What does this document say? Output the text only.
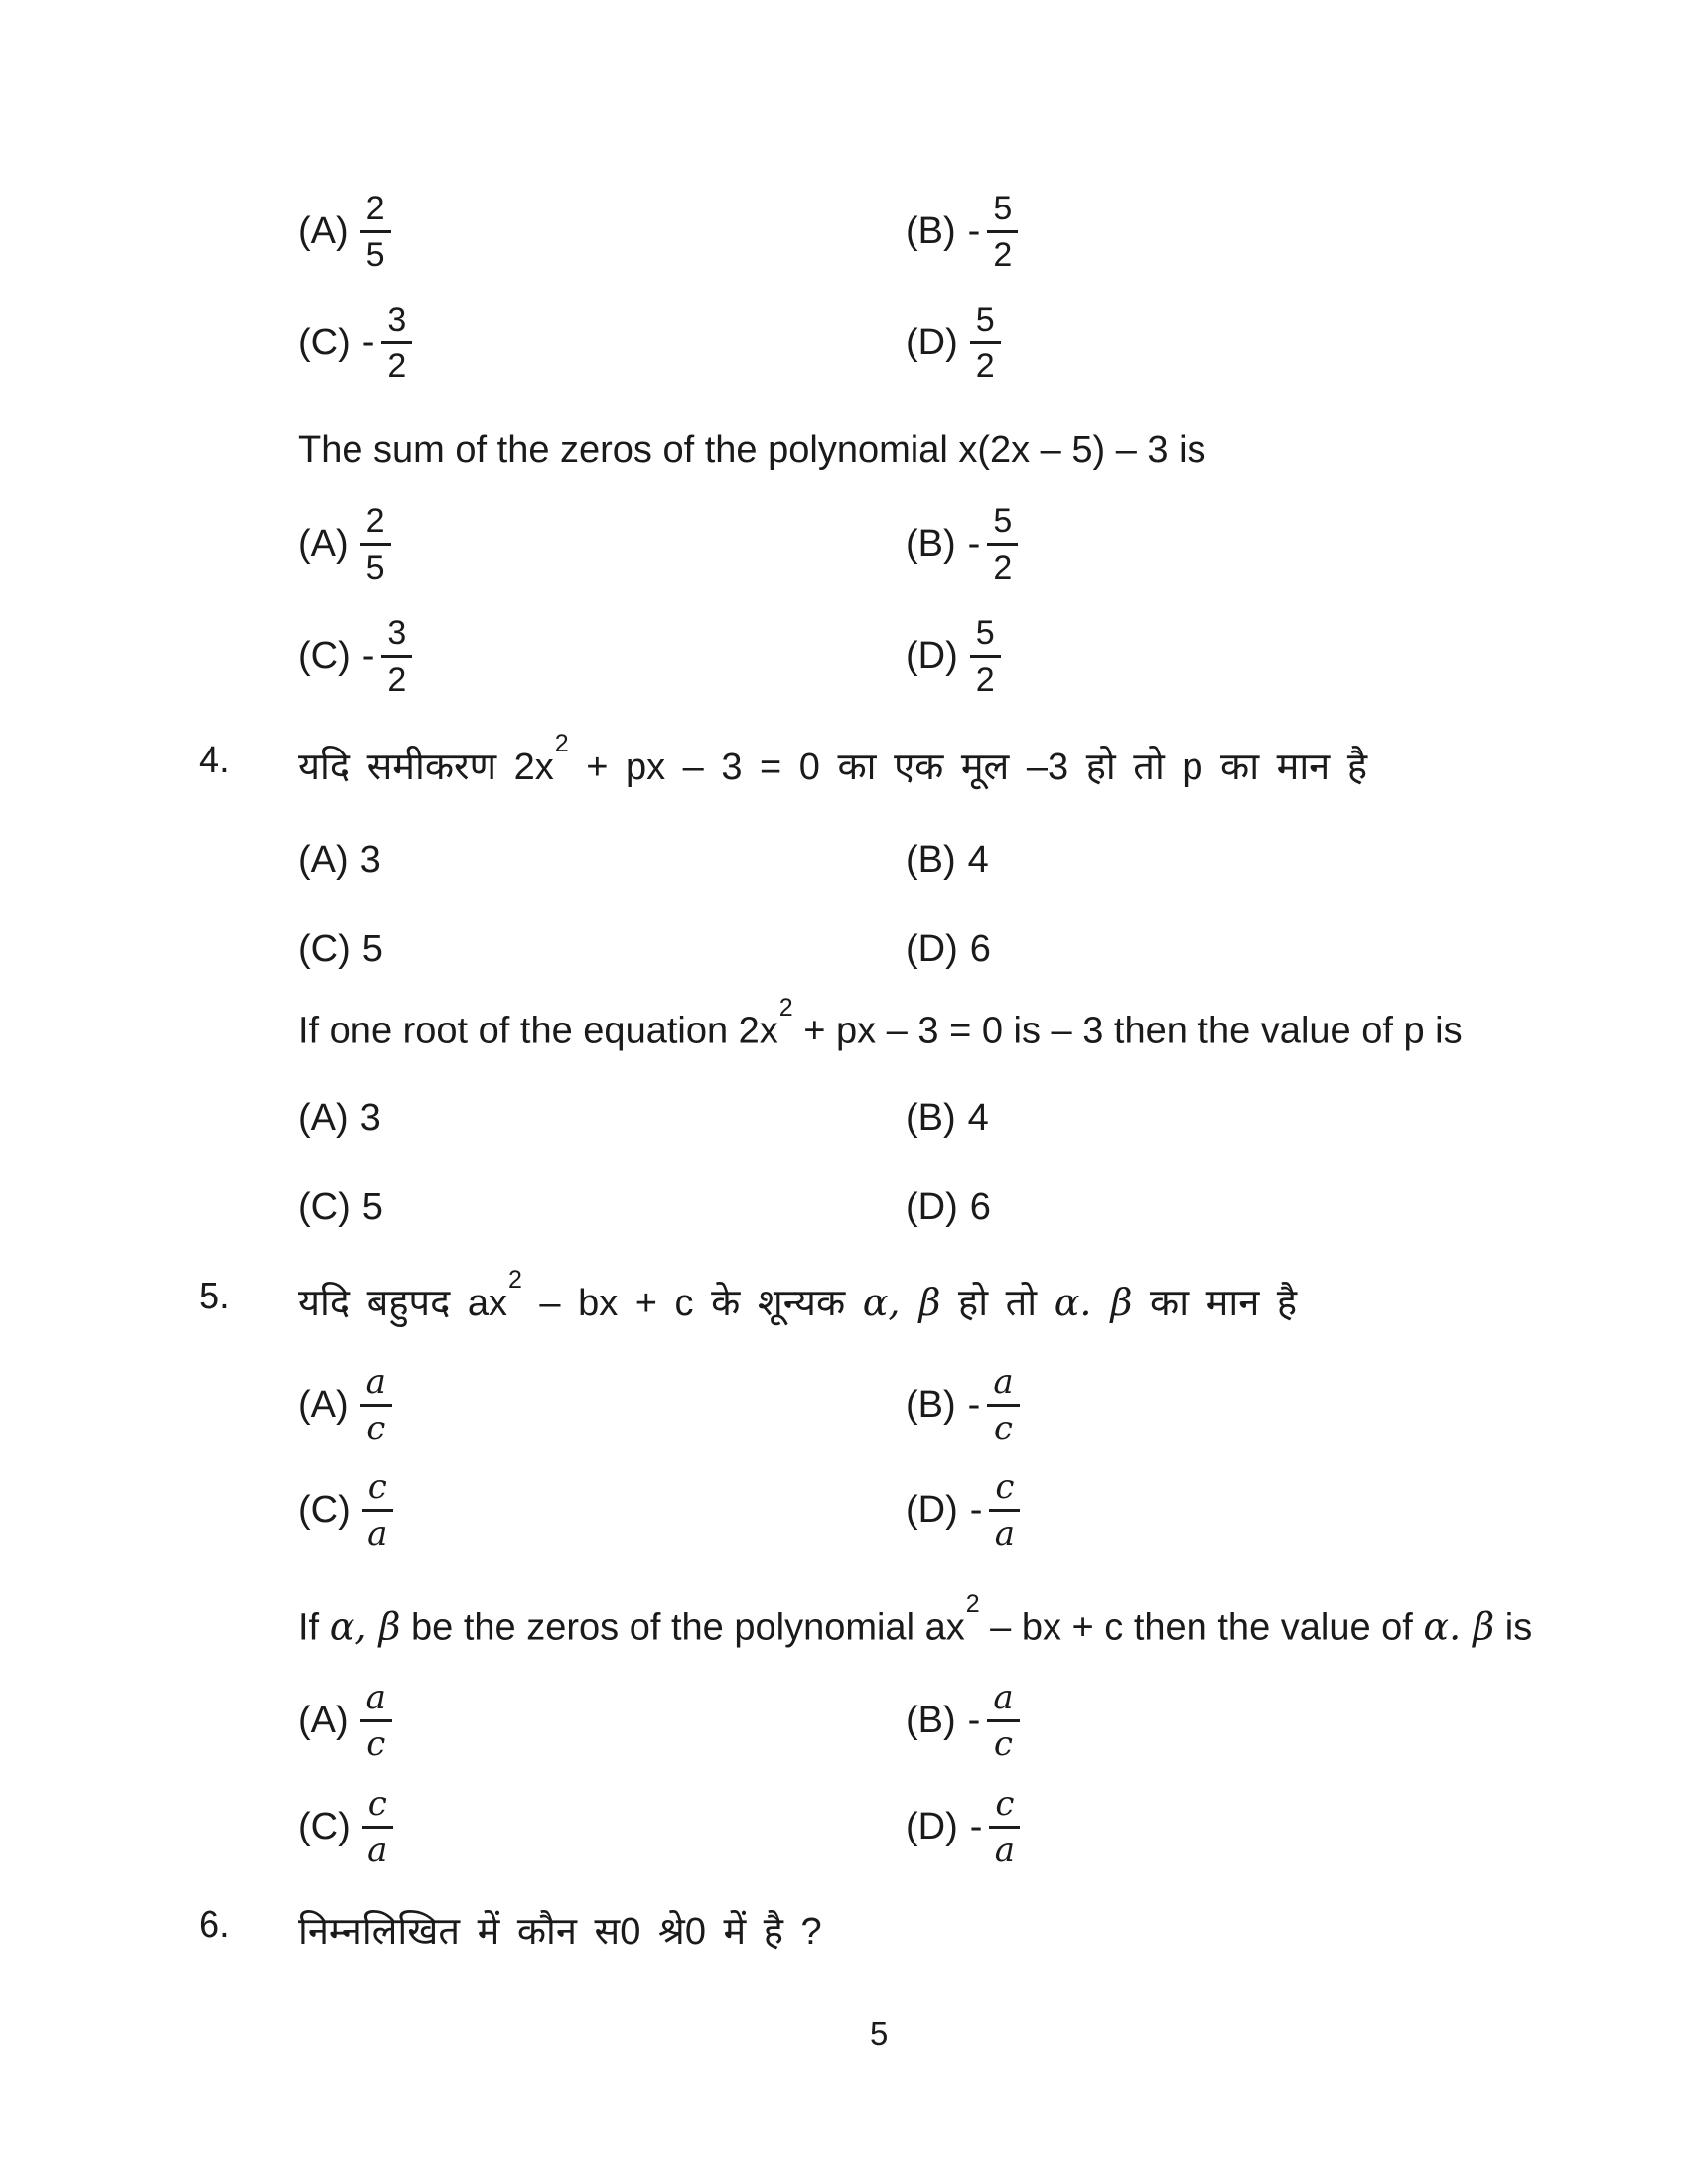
$(A) \frac{2}{5}$	$(B) - \frac{5}{2}$
$(C) - \frac{3}{2}$	$(D) \frac{5}{2}$
The sum of the zeros of the polynomial x(2x – 5) – 3 is
$(A) \frac{2}{5}$	$(B) - \frac{5}{2}$
$(C) - \frac{3}{2}$	$(D) \frac{5}{2}$
4. यदि समीकरण $2x^2$ + px – 3 = 0 का एक मूल –3 हो तो p का मान है
(A) 3	(B) 4
(C) 5	(D) 6
If one root of the equation $2x^2$ + px – 3 = 0 is – 3 then the value of p is
(A) 3	(B) 4
(C) 5	(D) 6
5. यदि बहुपद $ax^2$ – bx + c के शून्यक α, β हो तो α. β का मान है
$(A) \frac{a}{c}$	$(B) - \frac{a}{c}$
$(C) \frac{c}{a}$	$(D) - \frac{c}{a}$
If α, β be the zeros of the polynomial $ax^2$ – bx + c then the value of α. β is
$(A) \frac{a}{c}$	$(B) - \frac{a}{c}$
$(C) \frac{c}{a}$	$(D) - \frac{c}{a}$
6. निम्नलिखित में कौन स0 श्रे0 में है ?
5
